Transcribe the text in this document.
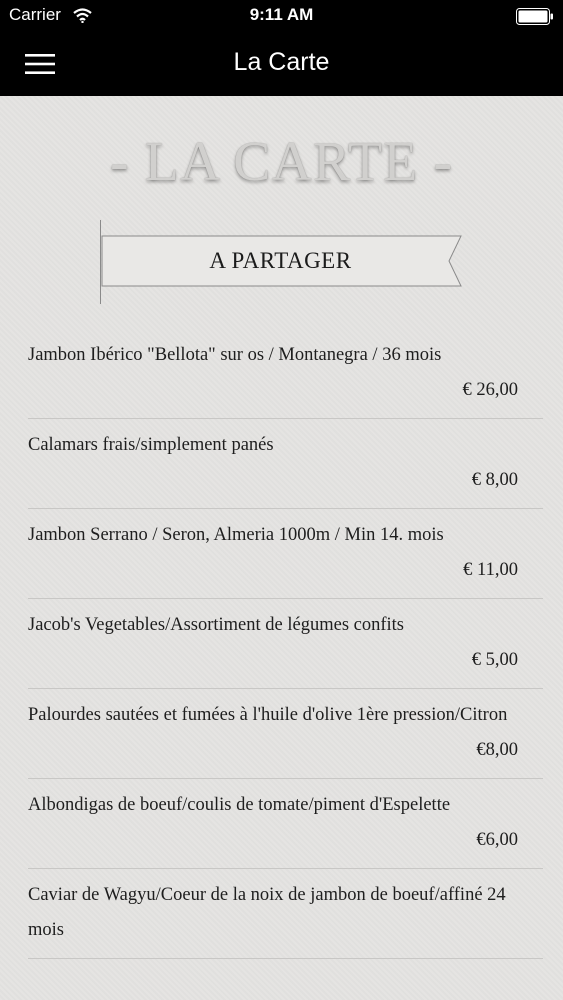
Carrier	9:11 AM
La Carte
- LA CARTE -
A PARTAGER
Jambon Ibérico "Bellota" sur os / Montanegra / 36 mois
€ 26,00
Calamars frais/simplement panés
€ 8,00
Jambon Serrano / Seron, Almeria 1000m / Min 14. mois
€ 11,00
Jacob's Vegetables/Assortiment de légumes confits
€ 5,00
Palourdes sautées et fumées à l'huile d'olive 1ère pression/Citron
€8,00
Albondigas de boeuf/coulis de tomate/piment d'Espelette
€6,00
Caviar de Wagyu/Coeur de la noix de jambon de boeuf/affiné 24 mois
